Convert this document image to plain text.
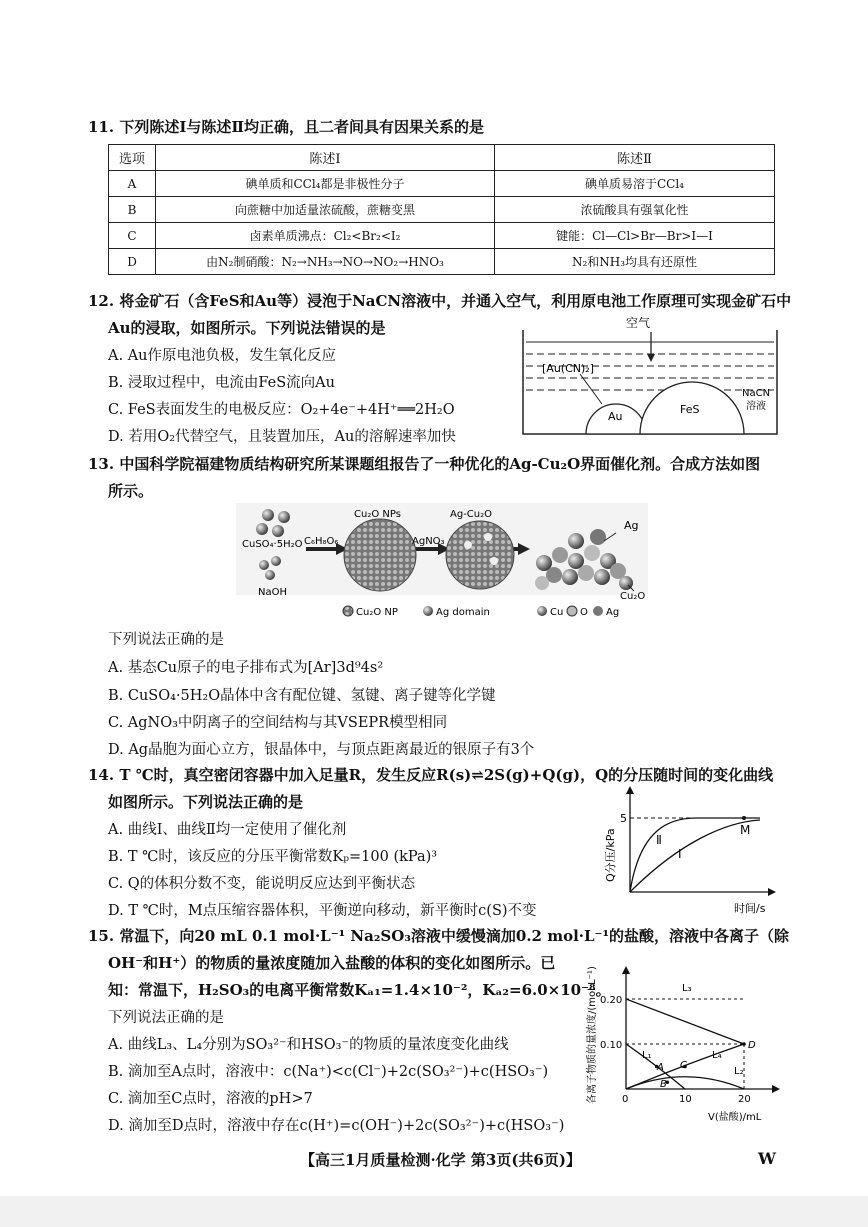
11. 下列陈述Ⅰ与陈述Ⅱ均正确，且二者间具有因果关系的是
选项	陈述Ⅰ	陈述Ⅱ
A	碘单质和CCl₄都是非极性分子	碘单质易溶于CCl₄
B	向蔗糖中加适量浓硫酸，蔗糖变黑	浓硫酸具有强氧化性
C	卤素单质沸点：Cl₂<Br₂<I₂	键能：Cl—Cl>Br—Br>I—I
D	由N₂制硝酸：N₂→NH₃→NO→NO₂→HNO₃	N₂和NH₃均具有还原性
12. 将金矿石（含FeS和Au等）浸泡于NaCN溶液中，并通入空气，利用原电池工作原理可实现金矿石中
Au的浸取，如图所示。下列说法错误的是
A. Au作原电池负极，发生氧化反应
B. 浸取过程中，电流由FeS流向Au
C. FeS表面发生的电极反应：O₂+4e⁻+4H⁺══2H₂O
D. 若用O₂代替空气，且装置加压，Au的溶解速率加快
空气
[Au(CN)₂]⁻
Au
FeS
NaCN
溶液
13. 中国科学院福建物质结构研究所某课题组报告了一种优化的Ag-Cu₂O界面催化剂。合成方法如图
所示。
CuSO₄·5H₂O C₆H₈O₆
NaOH
Cu₂O NPs
AgNO₃
Ag-Cu₂O
Ag
Cu₂O
Cu₂O NP	Ag domain	Cu O Ag
下列说法正确的是
A. 基态Cu原子的电子排布式为[Ar]3d⁹4s²
B. CuSO₄·5H₂O晶体中含有配位键、氢键、离子键等化学键
C. AgNO₃中阴离子的空间结构与其VSEPR模型相同
D. Ag晶胞为面心立方，银晶体中，与顶点距离最近的银原子有3个
14. T ℃时，真空密闭容器中加入足量R，发生反应R(s)⇌2S(g)+Q(g)，Q的分压随时间的变化曲线
如图所示。下列说法正确的是
A. 曲线Ⅰ、曲线Ⅱ均一定使用了催化剂
B. T ℃时，该反应的分压平衡常数Kₚ=100 (kPa)³
C. Q的体积分数不变，能说明反应达到平衡状态
D. T ℃时，M点压缩容器体积，平衡逆向移动，新平衡时c(S)不变
5
Ⅱ
Ⅰ
M
时间/s
Q分压/kPa
15. 常温下，向20 mL 0.1 mol·L⁻¹ Na₂SO₃溶液中缓慢滴加0.2 mol·L⁻¹的盐酸，溶液中各离子（除
OH⁻和H⁺）的物质的量浓度随加入盐酸的体积的变化如图所示。已
知：常温下，H₂SO₃的电离平衡常数Kₐ₁=1.4×10⁻²，Kₐ₂=6.0×10⁻⁸。
下列说法正确的是
A. 曲线L₃、L₄分别为SO₃²⁻和HSO₃⁻的物质的量浓度变化曲线
B. 滴加至A点时，溶液中：c(Na⁺)<c(Cl⁻)+2c(SO₃²⁻)+c(HSO₃⁻)
C. 滴加至C点时，溶液的pH>7
D. 滴加至D点时，溶液中存在c(H⁺)=c(OH⁻)+2c(SO₃²⁻)+c(HSO₃⁻)
0.20
0.10
0	10	20
L₃
L₁	L₄
L₂
A
B
C
D
V(盐酸)/mL
各离子物质的量浓度/(mol·L⁻¹)
【高三1月质量检测·化学 第3页(共6页)】	W
